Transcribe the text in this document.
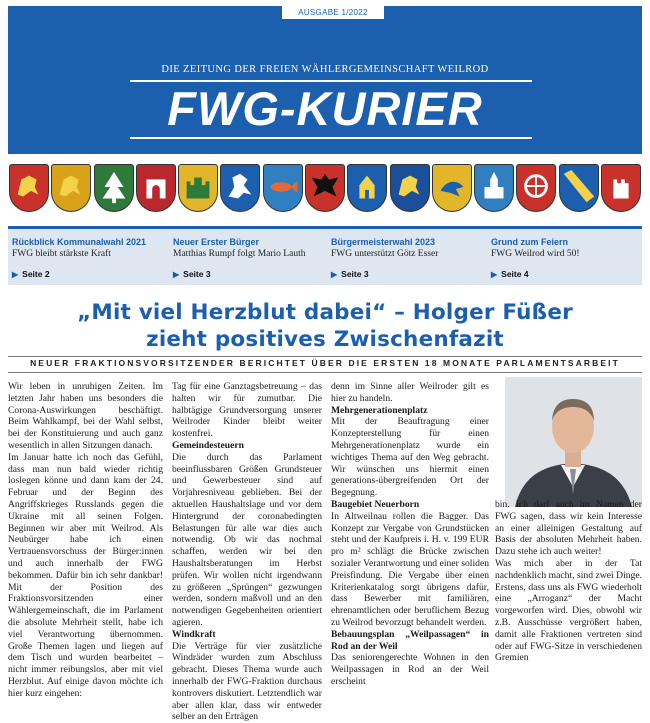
AUSGABE 1/2022
DIE ZEITUNG DER FREIEN WÄHLERGEMEINSCHAFT WEILROD
FWG-KURIER
Rückblick Kommunalwahl 2021
FWG bleibt stärkste Kraft
▶ Seite 2
Neuer Erster Bürger
Matthias Rumpf folgt Mario Lauth
▶ Seite 3
Bürgermeisterwahl 2023
FWG unterstützt Götz Esser
▶ Seite 3
Grund zum Feiern
FWG Weilrod wird 50!
▶ Seite 4
„Mit viel Herzblut dabei“ – Holger Füßer
zieht positives Zwischenfazit
NEUER FRAKTIONSVORSITZENDER BERICHTET ÜBER DIE ERSTEN 18 MONATE PARLAMENTSARBEIT

Wir leben in unruhigen Zeiten. Im letzten Jahr haben uns besonders die Corona-Auswirkungen beschäftigt. Beim Wahlkampf, bei der Wahl selbst, bei der Konstituierung und auch ganz wesentlich in allen Sitzungen danach.

Im Januar hatte ich noch das Gefühl, dass man nun bald wieder richtig loslegen könne und dann kam der 24. Februar und der Beginn des Angriffskrieges Russlands gegen die Ukraine mit all seinen Folgen. Beginnen wir aber mit Weilrod. Als Neubürger habe ich einen Vertrauensvorschuss der Bürger:innen und auch innerhalb der FWG bekommen. Dafür bin ich sehr dankbar! Mit der Position des Fraktionsvorsitzenden einer Wählergemeinschaft, die im Parlament die absolute Mehrheit stellt, habe ich viel Verantwortung übernommen. Große Themen lagen und liegen auf dem Tisch und wurden bearbeitet – nicht immer reibungslos, aber mit viel Herzblut. Auf einige davon möchte ich hier kurz eingehen:

Tag für eine Ganztagsbetreuung – das halten wir für zumutbar. Die halbtägige Grundversorgung unserer Weilroder Kinder bleibt weiter kostenfrei.

Gemeindesteuern

Die durch das Parlament beeinflussbaren Größen Grundsteuer und Gewerbesteuer sind auf Vorjahresniveau geblieben. Bei der aktuellen Haushaltslage und vor dem Hintergrund der coronabedingten Belastungen für alle war dies auch notwendig. Ob wir das nochmal schaffen, werden wir bei den Haushaltsberatungen im Herbst prüfen. Wir wollen nicht irgendwann zu größeren „Sprüngen“ gezwungen werden, sondern maßvoll und an den notwendigen Gegebenheiten orientiert agieren.

Windkraft

Die Verträge für vier zusätzliche Windräder wurden zum Abschluss gebracht. Dieses Thema wurde auch innerhalb der FWG-Fraktion durchaus kontrovers diskutiert. Letztendlich war aber allen klar, dass wir entweder selber an den Erträgen

denn im Sinne aller Weilroder gilt es hier zu handeln.

Mehrgenerationenplatz

Mit der Beauftragung einer Konzepterstellung für einen Mehrgenerationenplatz wurde ein wichtiges Thema auf den Weg gebracht. Wir wünschen uns hiermit einen generations-übergreifenden Ort der Begegnung.

Baugebiet Neuerborn

In Altweilnau rollen die Bagger. Das Konzept zur Vergabe von Grundstücken steht und der Kaufpreis i. H. v. 199 EUR pro m² schlägt die Brücke zwischen sozialer Verantwortung und einer soliden Preisfindung. Die Vergabe über einen Kriterienkatalog sorgt übrigens dafür, dass Bewerber mit familiären, ehrenamtlichen oder beruflichem Bezug zu Weilrod bevorzugt behandelt werden.

Bebauungsplan „Weilpassagen“ in Rod an der Weil

Das seniorengerechte Wohnen in den Weilpassagen in Rod an der Weil erscheint

bin. Ich darf auch im Namen der FWG sagen, dass wir kein Interesse an einer alleinigen Gestaltung auf Basis der absoluten Mehrheit haben. Dazu stehe ich auch weiter!

Was mich aber in der Tat nachdenklich macht, sind zwei Dinge. Erstens, dass uns als FWG wiederholt eine „Arroganz“ der Macht vorgeworfen wird. Dies, obwohl wir z.B. Ausschüsse vergrößert haben, damit alle Fraktionen vertreten sind oder auf FWG-Sitze in verschiedenen Gremien
